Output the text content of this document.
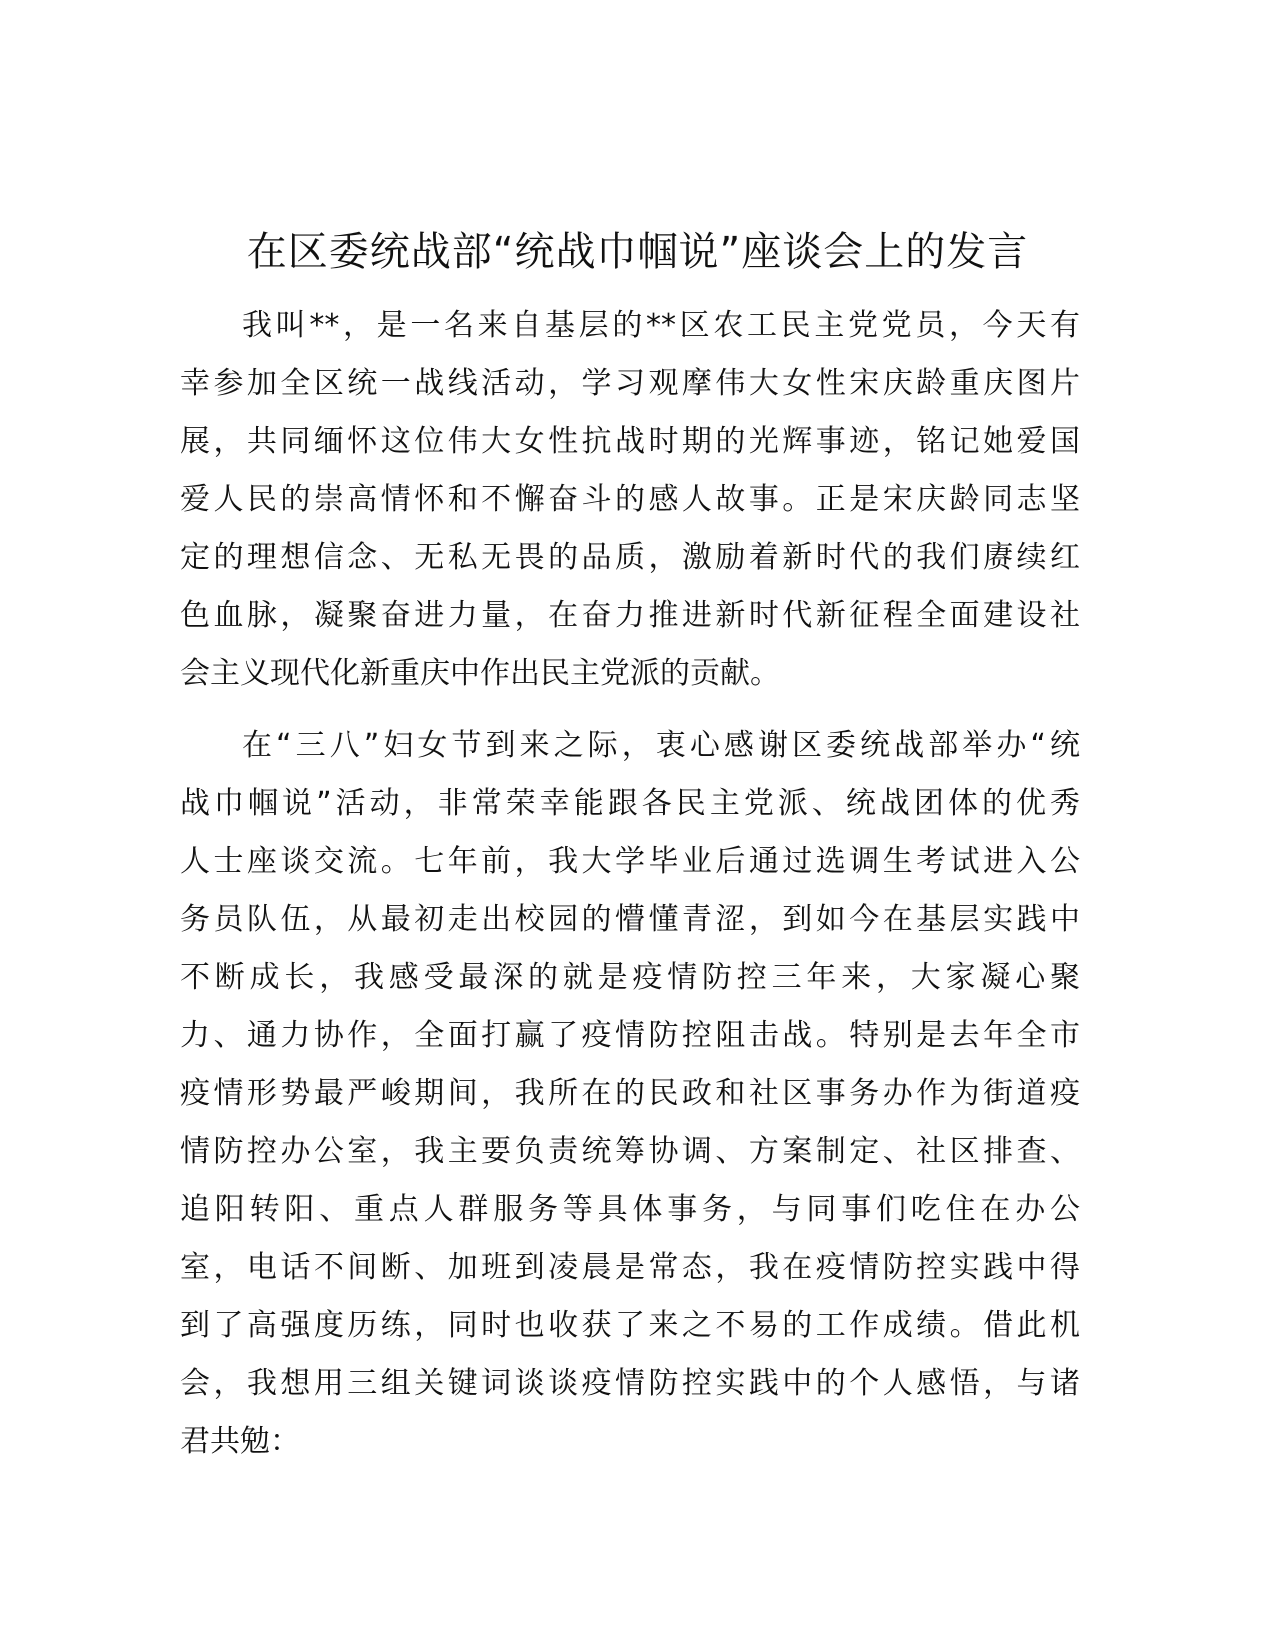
在区委统战部“统战巾帼说”座谈会上的发言

我叫**，是一名来自基层的**区农工民主党党员，今天有
幸参加全区统一战线活动，学习观摩伟大女性宋庆龄重庆图片
展，共同缅怀这位伟大女性抗战时期的光辉事迹，铭记她爱国
爱人民的崇高情怀和不懈奋斗的感人故事。正是宋庆龄同志坚
定的理想信念、无私无畏的品质，激励着新时代的我们赓续红
色血脉，凝聚奋进力量，在奋力推进新时代新征程全面建设社
会主义现代化新重庆中作出民主党派的贡献。

在“三八”妇女节到来之际，衷心感谢区委统战部举办“统
战巾帼说”活动，非常荣幸能跟各民主党派、统战团体的优秀
人士座谈交流。七年前，我大学毕业后通过选调生考试进入公
务员队伍，从最初走出校园的懵懂青涩，到如今在基层实践中
不断成长，我感受最深的就是疫情防控三年来，大家凝心聚
力、通力协作，全面打赢了疫情防控阻击战。特别是去年全市
疫情形势最严峻期间，我所在的民政和社区事务办作为街道疫
情防控办公室，我主要负责统筹协调、方案制定、社区排查、
追阳转阳、重点人群服务等具体事务，与同事们吃住在办公
室，电话不间断、加班到凌晨是常态，我在疫情防控实践中得
到了高强度历练，同时也收获了来之不易的工作成绩。借此机
会，我想用三组关键词谈谈疫情防控实践中的个人感悟，与诸
君共勉：
